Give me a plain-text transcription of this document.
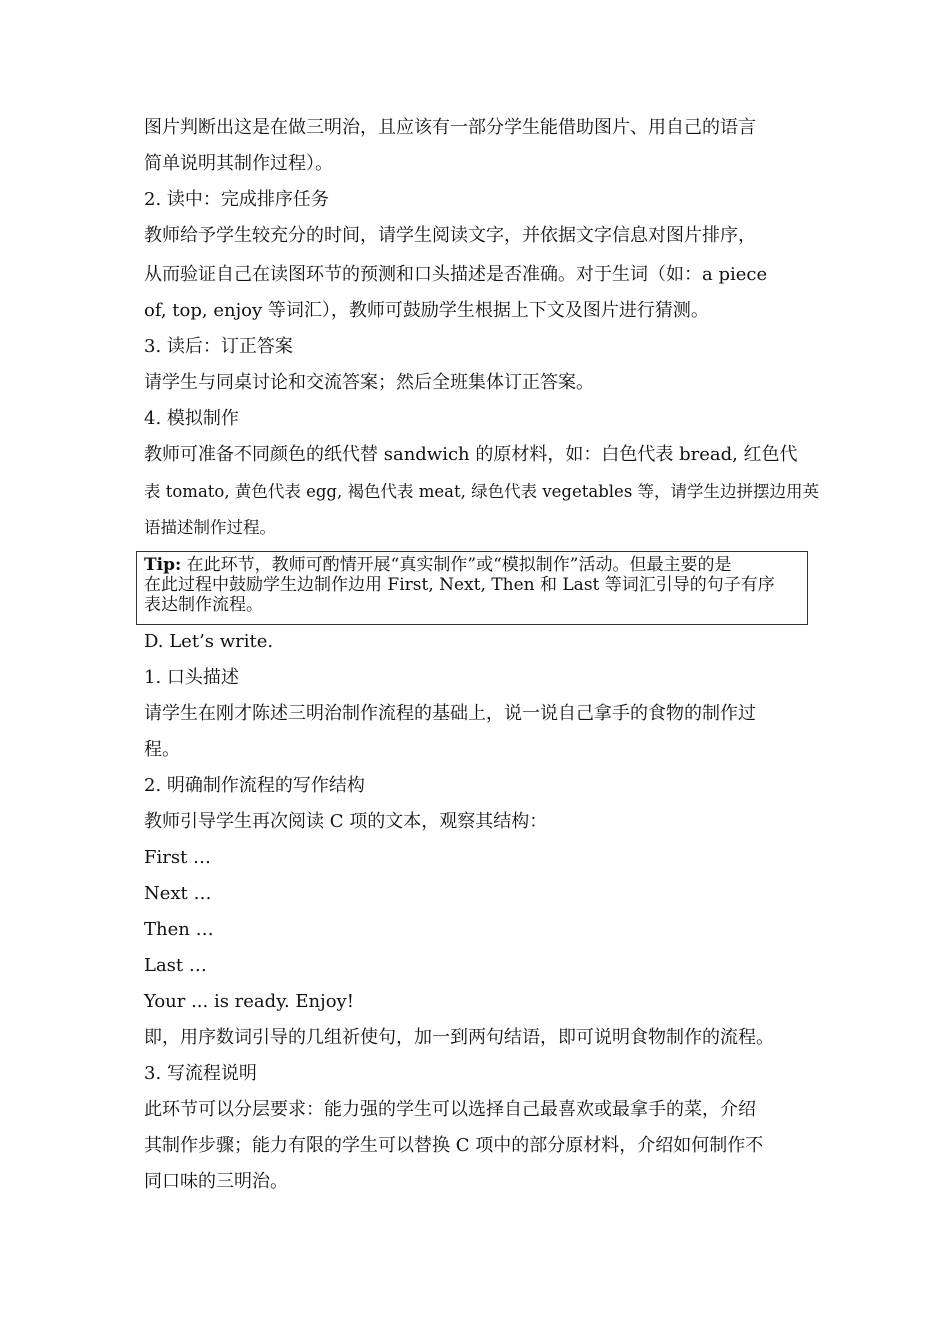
图片判断出这是在做三明治，且应该有一部分学生能借助图片、用自己的语言
简单说明其制作过程）。
2. 读中：完成排序任务
教师给予学生较充分的时间，请学生阅读文字，并依据文字信息对图片排序，
从而验证自己在读图环节的预测和口头描述是否准确。对于生词（如：a piece
of, top, enjoy 等词汇），教师可鼓励学生根据上下文及图片进行猜测。
3. 读后：订正答案
请学生与同桌讨论和交流答案；然后全班集体订正答案。
4. 模拟制作
教师可准备不同颜色的纸代替 sandwich 的原材料，如：白色代表 bread, 红色代
表 tomato, 黄色代表 egg, 褐色代表 meat, 绿色代表 vegetables 等，请学生边拼摆边用英
语描述制作过程。
Tip: 在此环节，教师可酌情开展“真实制作”或“模拟制作”活动。但最主要的是
在此过程中鼓励学生边制作边用 First, Next, Then 和 Last 等词汇引导的句子有序
表达制作流程。
D. Let’s write.
1. 口头描述
请学生在刚才陈述三明治制作流程的基础上，说一说自己拿手的食物的制作过
程。
2. 明确制作流程的写作结构
教师引导学生再次阅读 C 项的文本，观察其结构：
First …
Next …
Then …
Last …
Your ... is ready. Enjoy!
即，用序数词引导的几组祈使句，加一到两句结语，即可说明食物制作的流程。
3. 写流程说明
此环节可以分层要求：能力强的学生可以选择自己最喜欢或最拿手的菜，介绍
其制作步骤；能力有限的学生可以替换 C 项中的部分原材料，介绍如何制作不
同口味的三明治。
